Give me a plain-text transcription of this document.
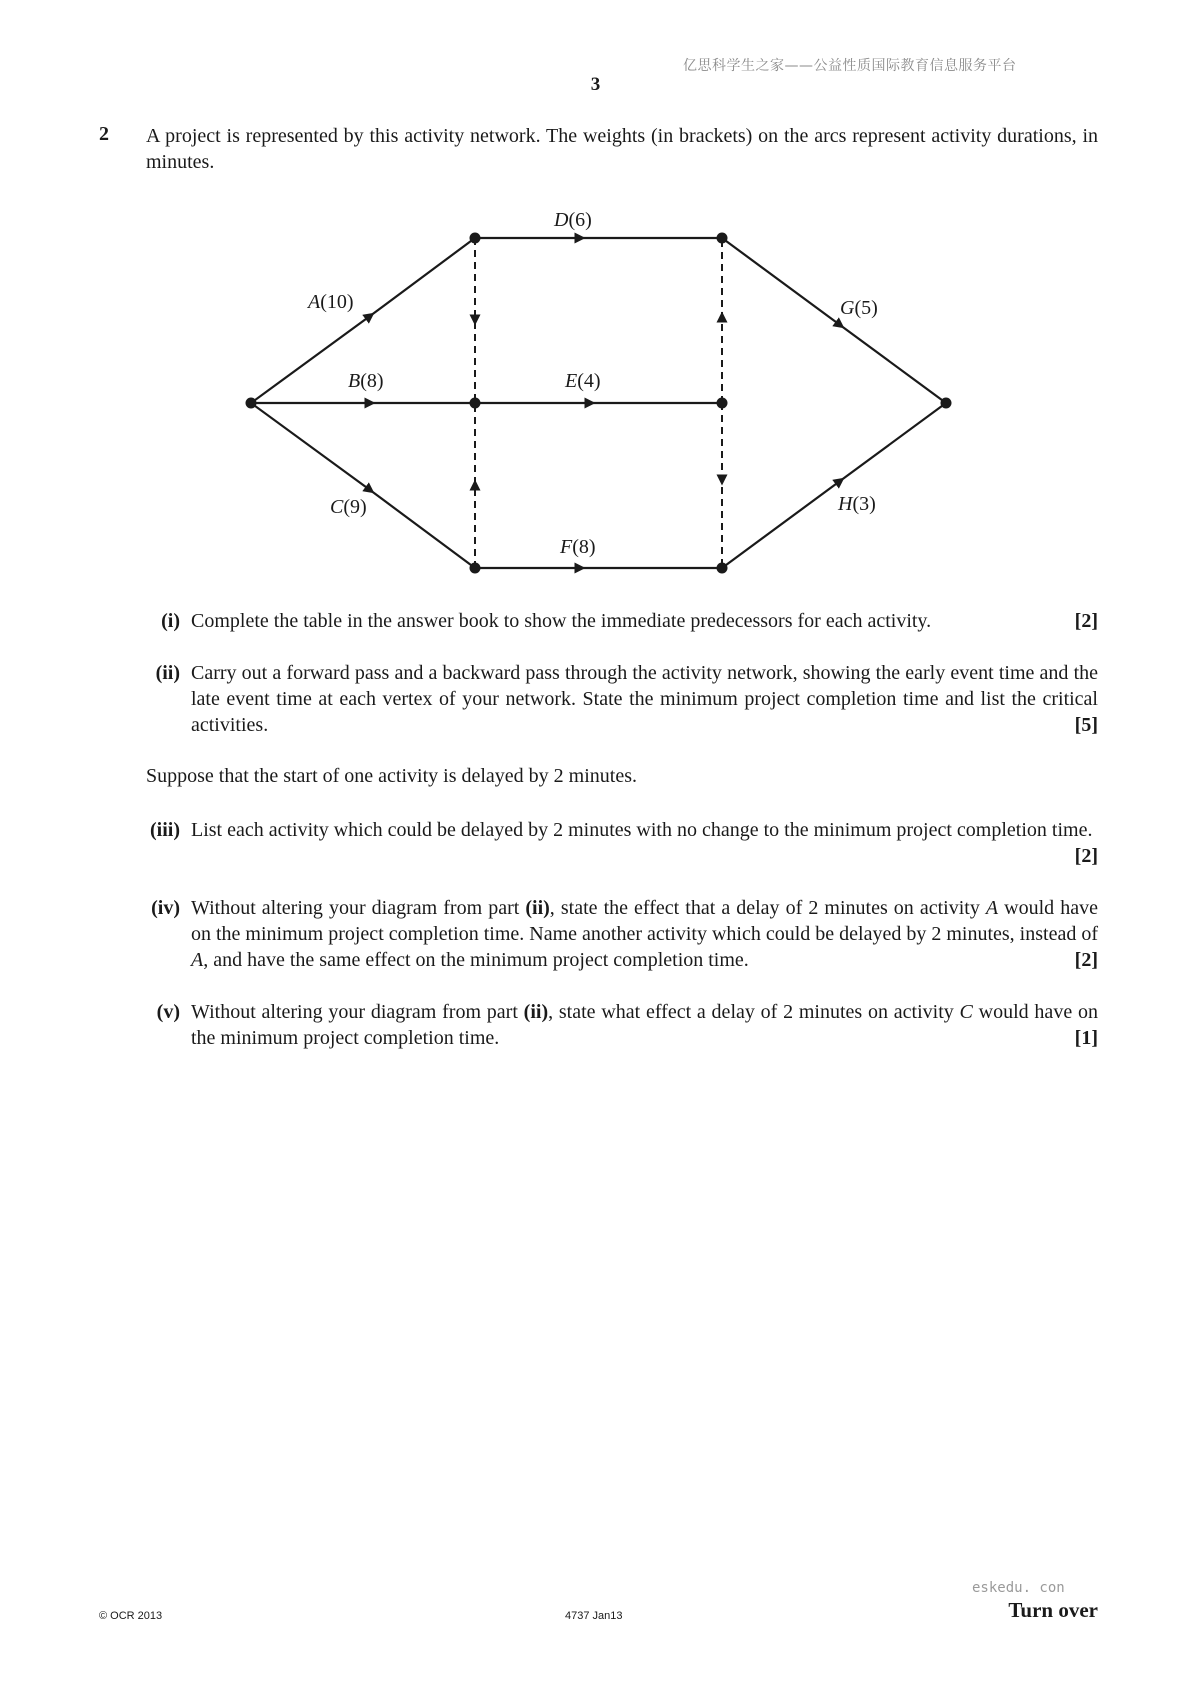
亿思科学生之家——公益性质国际教育信息服务平台
3
2 A project is represented by this activity network. The weights (in brackets) on the arcs represent activity durations, in minutes.
A(10)
B(8)
C(9)
D(6)
E(4)
F(8)
G(5)
H(3)
(i) Complete the table in the answer book to show the immediate predecessors for each activity.	[2]
(ii) Carry out a forward pass and a backward pass through the activity network, showing the early event time and the late event time at each vertex of your network. State the minimum project completion time and list the critical activities.	[5]
Suppose that the start of one activity is delayed by 2 minutes.
(iii) List each activity which could be delayed by 2 minutes with no change to the minimum project completion time.
[2]
(iv) Without altering your diagram from part (ii), state the effect that a delay of 2 minutes on activity A would have on the minimum project completion time. Name another activity which could be delayed by 2 minutes, instead of A, and have the same effect on the minimum project completion time.	[2]
(v) Without altering your diagram from part (ii), state what effect a delay of 2 minutes on activity C would have on the minimum project completion time.	[1]
eskedu. con
© OCR 2013	4737 Jan13	Turn over
